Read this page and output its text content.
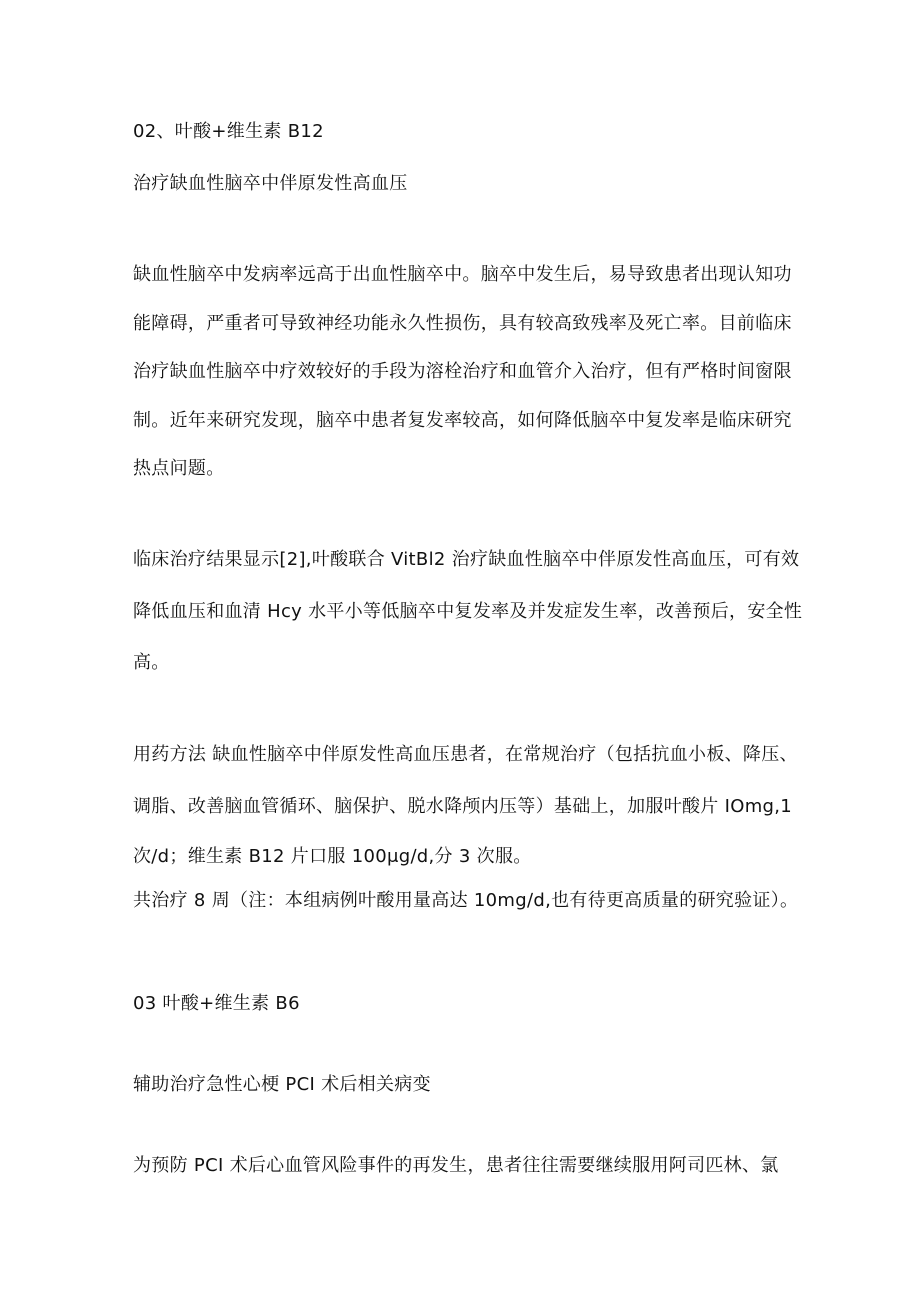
02、叶酸+维生素 B12

治疗缺血性脑卒中伴原发性高血压

缺血性脑卒中发病率远高于出血性脑卒中。脑卒中发生后，易导致患者出现认知功

能障碍，严重者可导致神经功能永久性损伤，具有较高致残率及死亡率。目前临床

治疗缺血性脑卒中疗效较好的手段为溶栓治疗和血管介入治疗，但有严格时间窗限

制。近年来研究发现，脑卒中患者复发率较高，如何降低脑卒中复发率是临床研究

热点问题。

临床治疗结果显示[2],叶酸联合 VitBl2 治疗缺血性脑卒中伴原发性高血压，可有效

降低血压和血清 Hcy 水平小等低脑卒中复发率及并发症发生率，改善预后，安全性

高。

用药方法 缺血性脑卒中伴原发性高血压患者，在常规治疗（包括抗血小板、降压、

调脂、改善脑血管循环、脑保护、脱水降颅内压等）基础上，加服叶酸片 IOmg,1

次/d；维生素 B12 片口服 100μg∕d,分 3 次服。

共治疗 8 周（注：本组病例叶酸用量高达 10mg∕d,也有待更高质量的研究验证）。

03 叶酸+维生素 B6

辅助治疗急性心梗 PCI 术后相关病变

为预防 PCI 术后心血管风险事件的再发生，患者往往需要继续服用阿司匹林、氯
